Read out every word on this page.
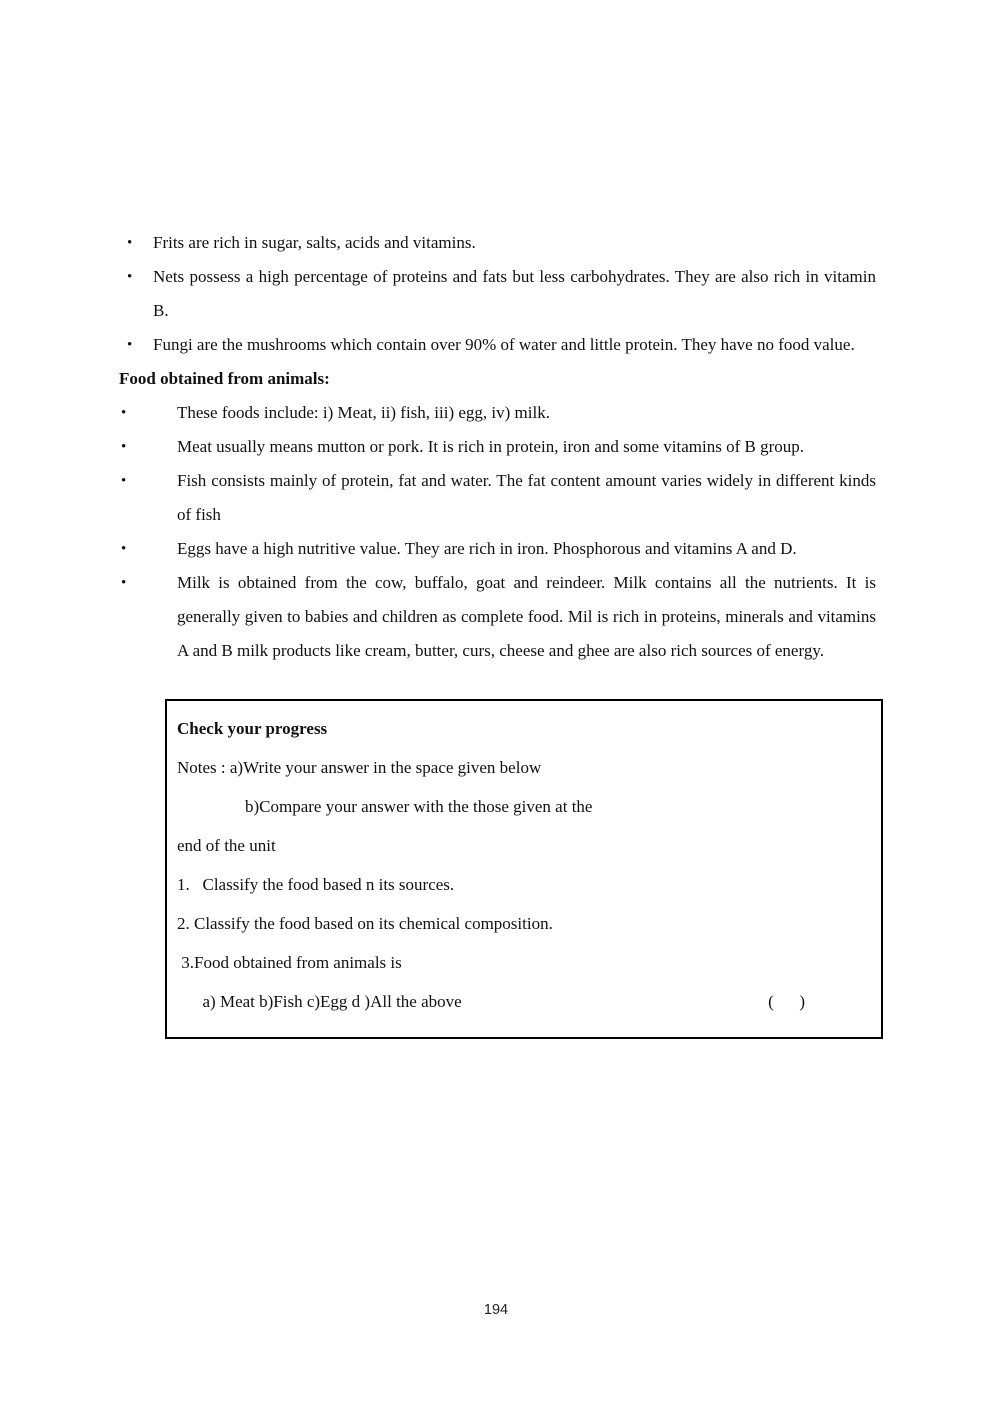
•
Frits are rich in sugar, salts, acids and vitamins.
•
Nets possess a high percentage of proteins and fats but less carbohydrates. They are also rich in vitamin B.
•
Fungi are the mushrooms which contain over 90% of water and little protein. They have no food value.
Food obtained from animals:
•
These foods include: i) Meat, ii) fish, iii) egg, iv) milk.
•
Meat usually means mutton or pork. It is rich in protein, iron and some vitamins of B group.
•
Fish consists mainly of protein, fat and water. The fat content amount varies widely in different kinds of fish
•
Eggs have a high nutritive value. They are rich in iron. Phosphorous and vitamins A and D.
•
Milk is obtained from the cow, buffalo, goat and reindeer. Milk contains all the nutrients. It is generally given to babies and children as complete food. Mil is rich in proteins, minerals and vitamins A and B milk products like cream, butter, curs, cheese and ghee are also rich sources of energy.
Check your progress
Notes : a)Write your answer in the space given below
b)Compare your answer with the those given at the
end of the unit
1.   Classify the food based n its sources.
2. Classify the food based on its chemical composition.
3.Food obtained from animals is
a) Meat b)Fish c)Egg d )All the above	(      )
194
